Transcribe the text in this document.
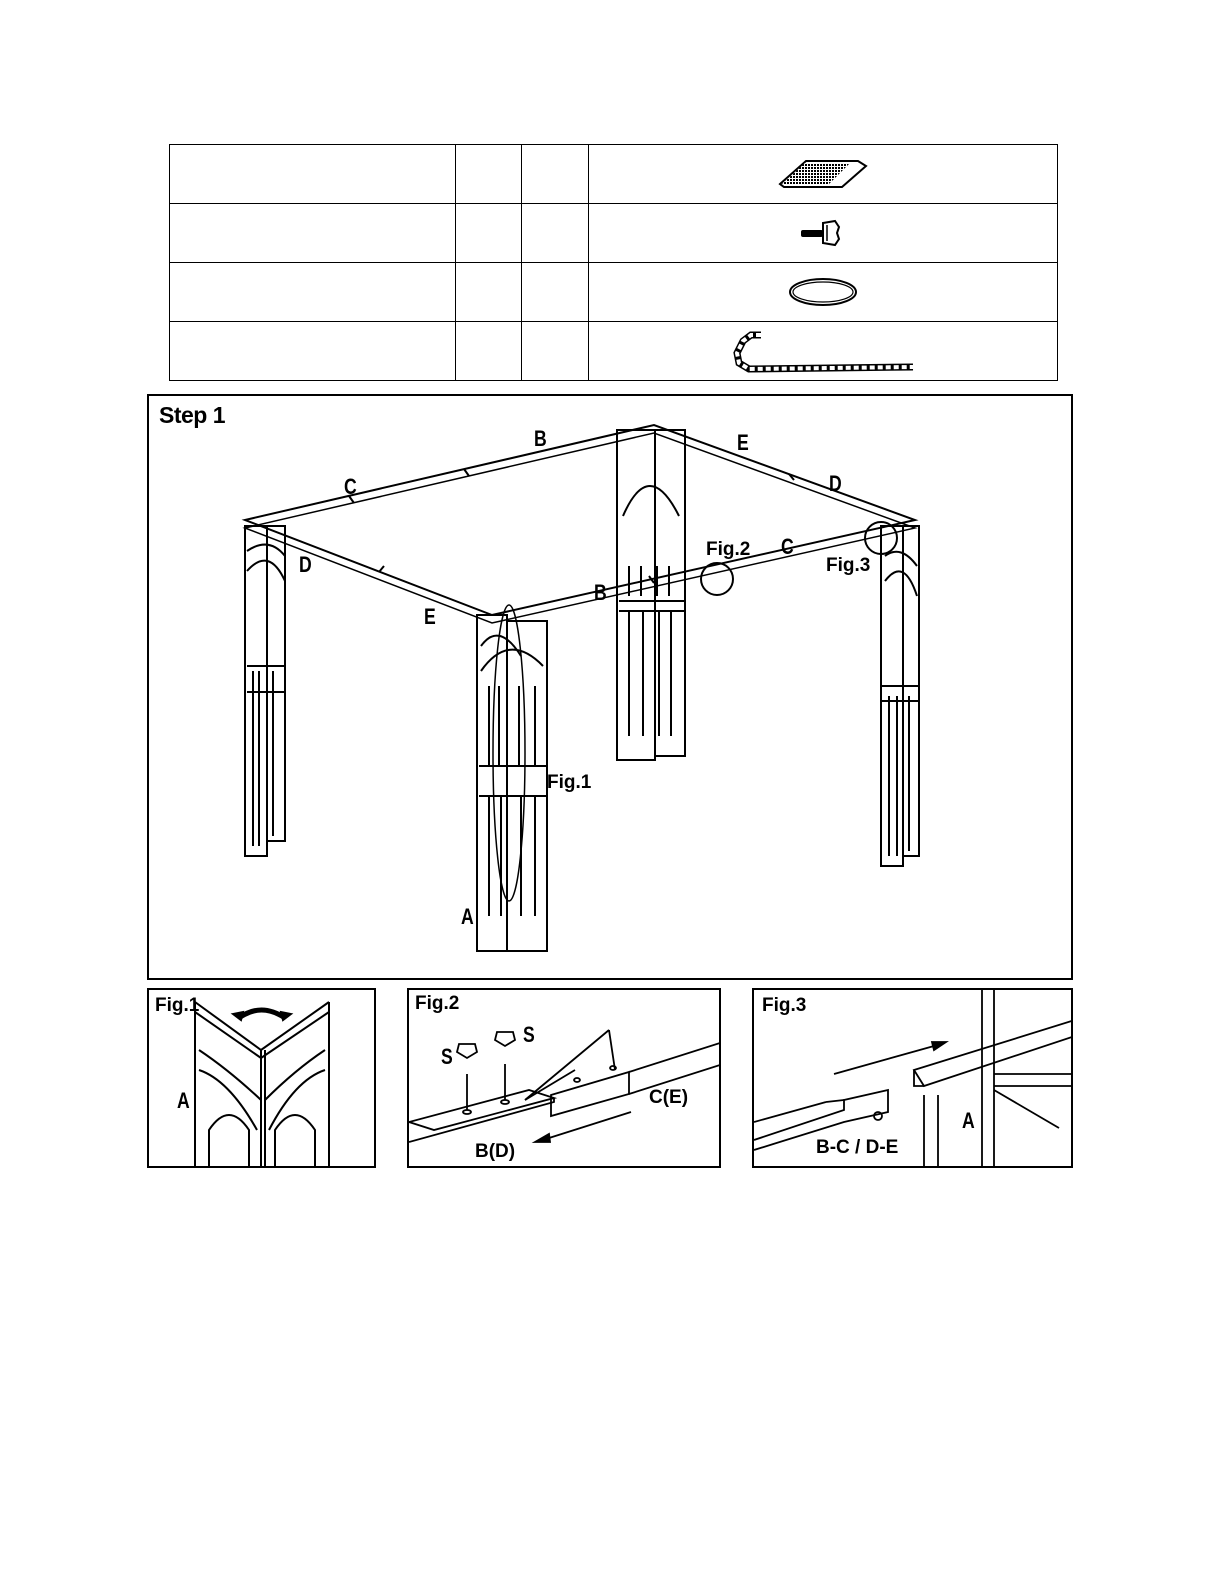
Step 1
B	E
C	D
D
E
B
C
A
Fig.2
Fig.3
Fig.1
Fig.1
A
Fig.2
S
S
C(E)
B(D)
Fig.3
A
B-C / D-E
